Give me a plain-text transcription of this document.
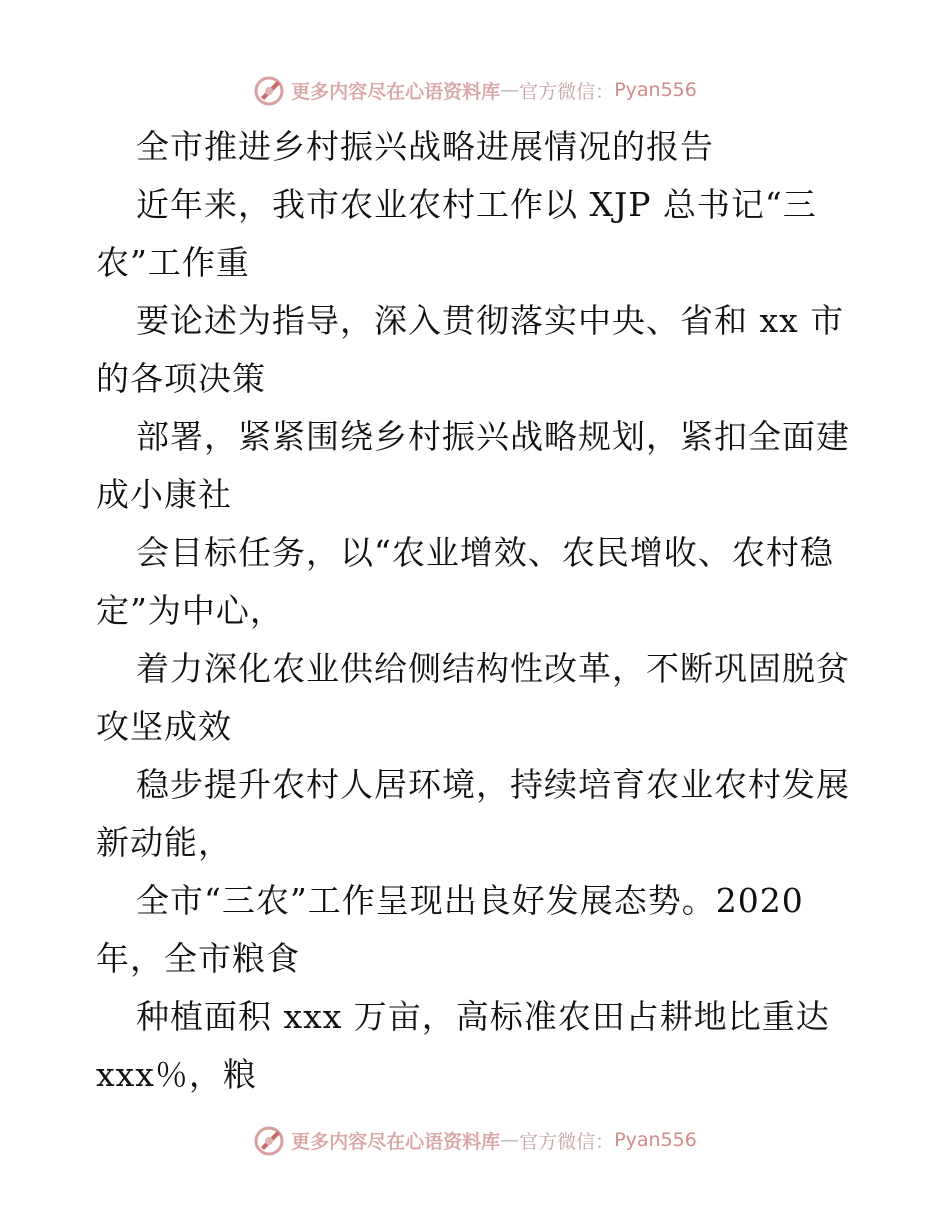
更多内容尽在心语资料库 — 官方微信： Pyan556
全市推进乡村振兴战略进展情况的报告
近年来，我市农业农村工作以 XJP 总书记“三
农”工作重
要论述为指导，深入贯彻落实中央、省和 xx 市
的各项决策
部署，紧紧围绕乡村振兴战略规划，紧扣全面建
成小康社
会目标任务，以“农业增效、农民增收、农村稳
定”为中心，
着力深化农业供给侧结构性改革，不断巩固脱贫
攻坚成效
稳步提升农村人居环境，持续培育农业农村发展
新动能，
全市“三农”工作呈现出良好发展态势。2020
年，全市粮食
种植面积 xxx 万亩，高标准农田占耕地比重达
xxx％，粮
更多内容尽在心语资料库 — 官方微信： Pyan556
